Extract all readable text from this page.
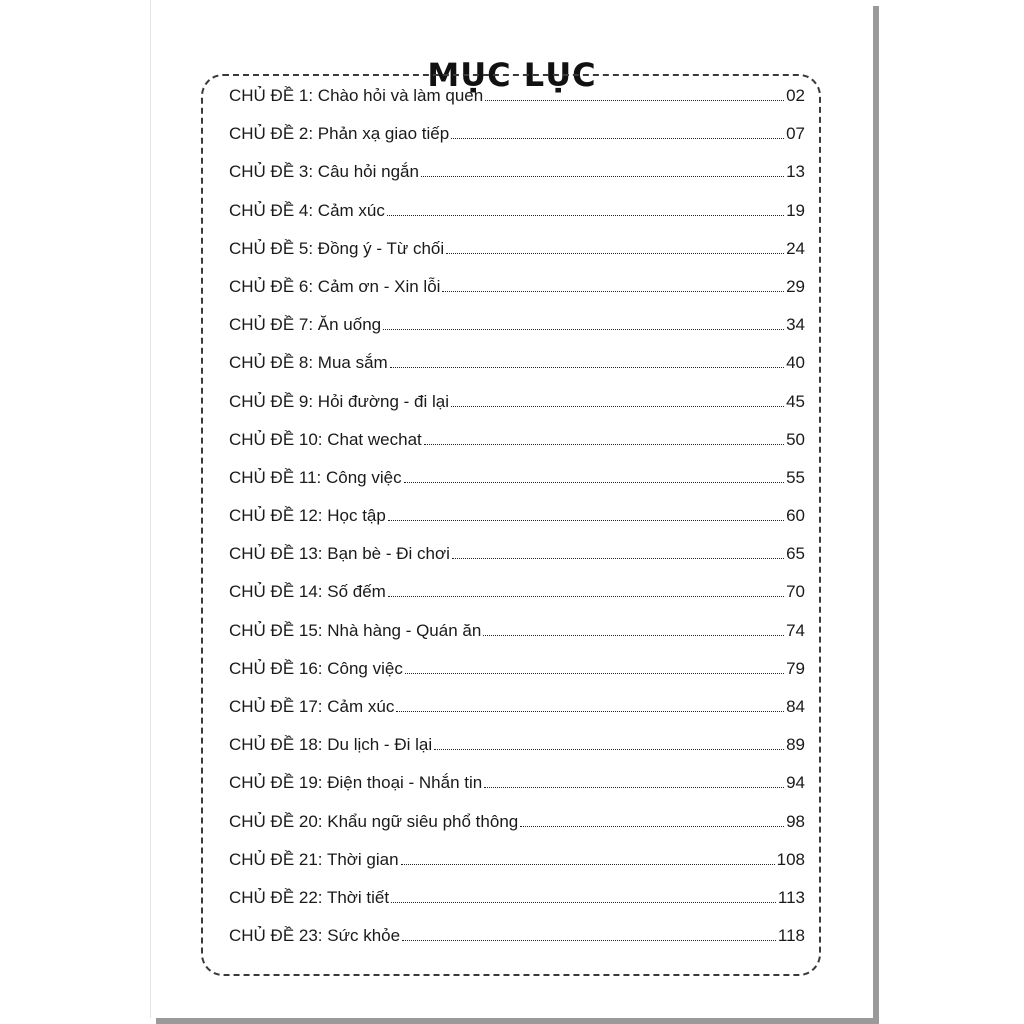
MỤC LỤC
CHỦ ĐỀ 1: Chào hỏi và làm quen	02
CHỦ ĐỀ 2: Phản xạ giao tiếp	07
CHỦ ĐỀ 3: Câu hỏi ngắn	13
CHỦ ĐỀ 4: Cảm xúc	19
CHỦ ĐỀ 5: Đồng ý - Từ chối	24
CHỦ ĐỀ 6: Cảm ơn - Xin lỗi	29
CHỦ ĐỀ 7: Ăn uống	34
CHỦ ĐỀ 8: Mua sắm	40
CHỦ ĐỀ 9: Hỏi đường - đi lại	45
CHỦ ĐỀ 10: Chat wechat	50
CHỦ ĐỀ 11: Công việc	55
CHỦ ĐỀ 12: Học tập	60
CHỦ ĐỀ 13: Bạn bè - Đi chơi	65
CHỦ ĐỀ 14: Số đếm	70
CHỦ ĐỀ 15: Nhà hàng - Quán ăn	74
CHỦ ĐỀ 16: Công việc	79
CHỦ ĐỀ 17: Cảm xúc	84
CHỦ ĐỀ 18: Du lịch - Đi lại	89
CHỦ ĐỀ 19: Điện thoại - Nhắn tin	94
CHỦ ĐỀ 20: Khẩu ngữ siêu phổ thông	98
CHỦ ĐỀ 21: Thời gian	108
CHỦ ĐỀ 22: Thời tiết	113
CHỦ ĐỀ 23: Sức khỏe	118
